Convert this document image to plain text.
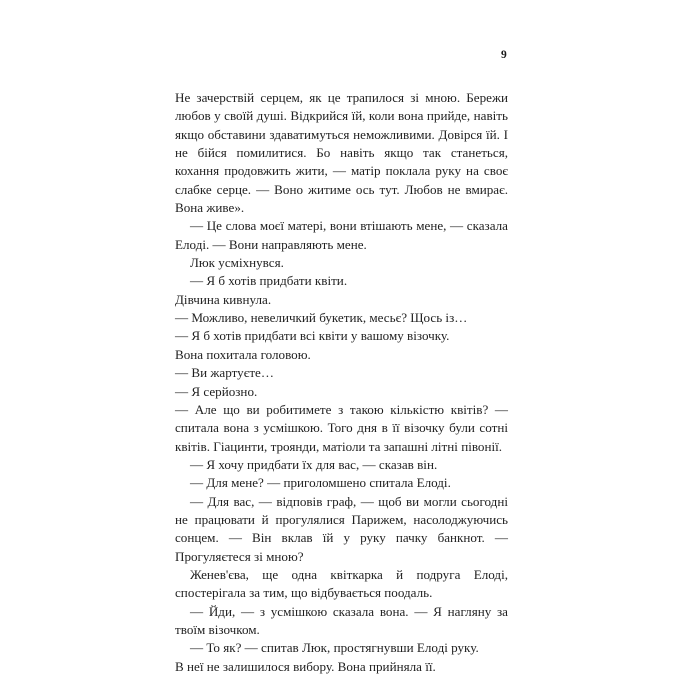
9

Не зачерствій серцем, як це трапилося зі мною. Бережи любов у своїй душі. Відкрийся їй, коли вона прийде, навіть якщо обставини здаватимуться неможливими. Довірся їй. І не бійся помилитися. Бо навіть якщо так станеться, кохання продовжить жити, — матір поклала руку на своє слабке серце. — Воно житиме ось тут. Любов не вмирає. Вона живе».

— Це слова моєї матері, вони втішають мене, — сказала Елоді. — Вони направляють мене.

Люк усміхнувся.

— Я б хотів придбати квіти.

Дівчина кивнула.

— Можливо, невеличкий букетик, месьє? Щось із…

— Я б хотів придбати всі квіти у вашому візочку.

Вона похитала головою.

— Ви жартуєте…

— Я серйозно.

— Але що ви робитимете з такою кількістю квітів? — спитала вона з усмішкою. Того дня в її візочку були сотні квітів. Гіацинти, троянди, матіоли та запашні літні півонії.

— Я хочу придбати їх для вас, — сказав він.

— Для мене? — приголомшено спитала Елоді.

— Для вас, — відповів граф, — щоб ви могли сьогодні не працювати й прогулялися Парижем, насолоджуючись сонцем. — Він вклав їй у руку пачку банкнот. — Прогуляєтеся зі мною?

Женев'єва, ще одна квіткарка й подруга Елоді, спостерігала за тим, що відбувається поодаль.

— Йди, — з усмішкою сказала вона. — Я нагляну за твоїм візочком.

— То як? — спитав Люк, простягнувши Елоді руку.

В неї не залишилося вибору. Вона прийняла її.
